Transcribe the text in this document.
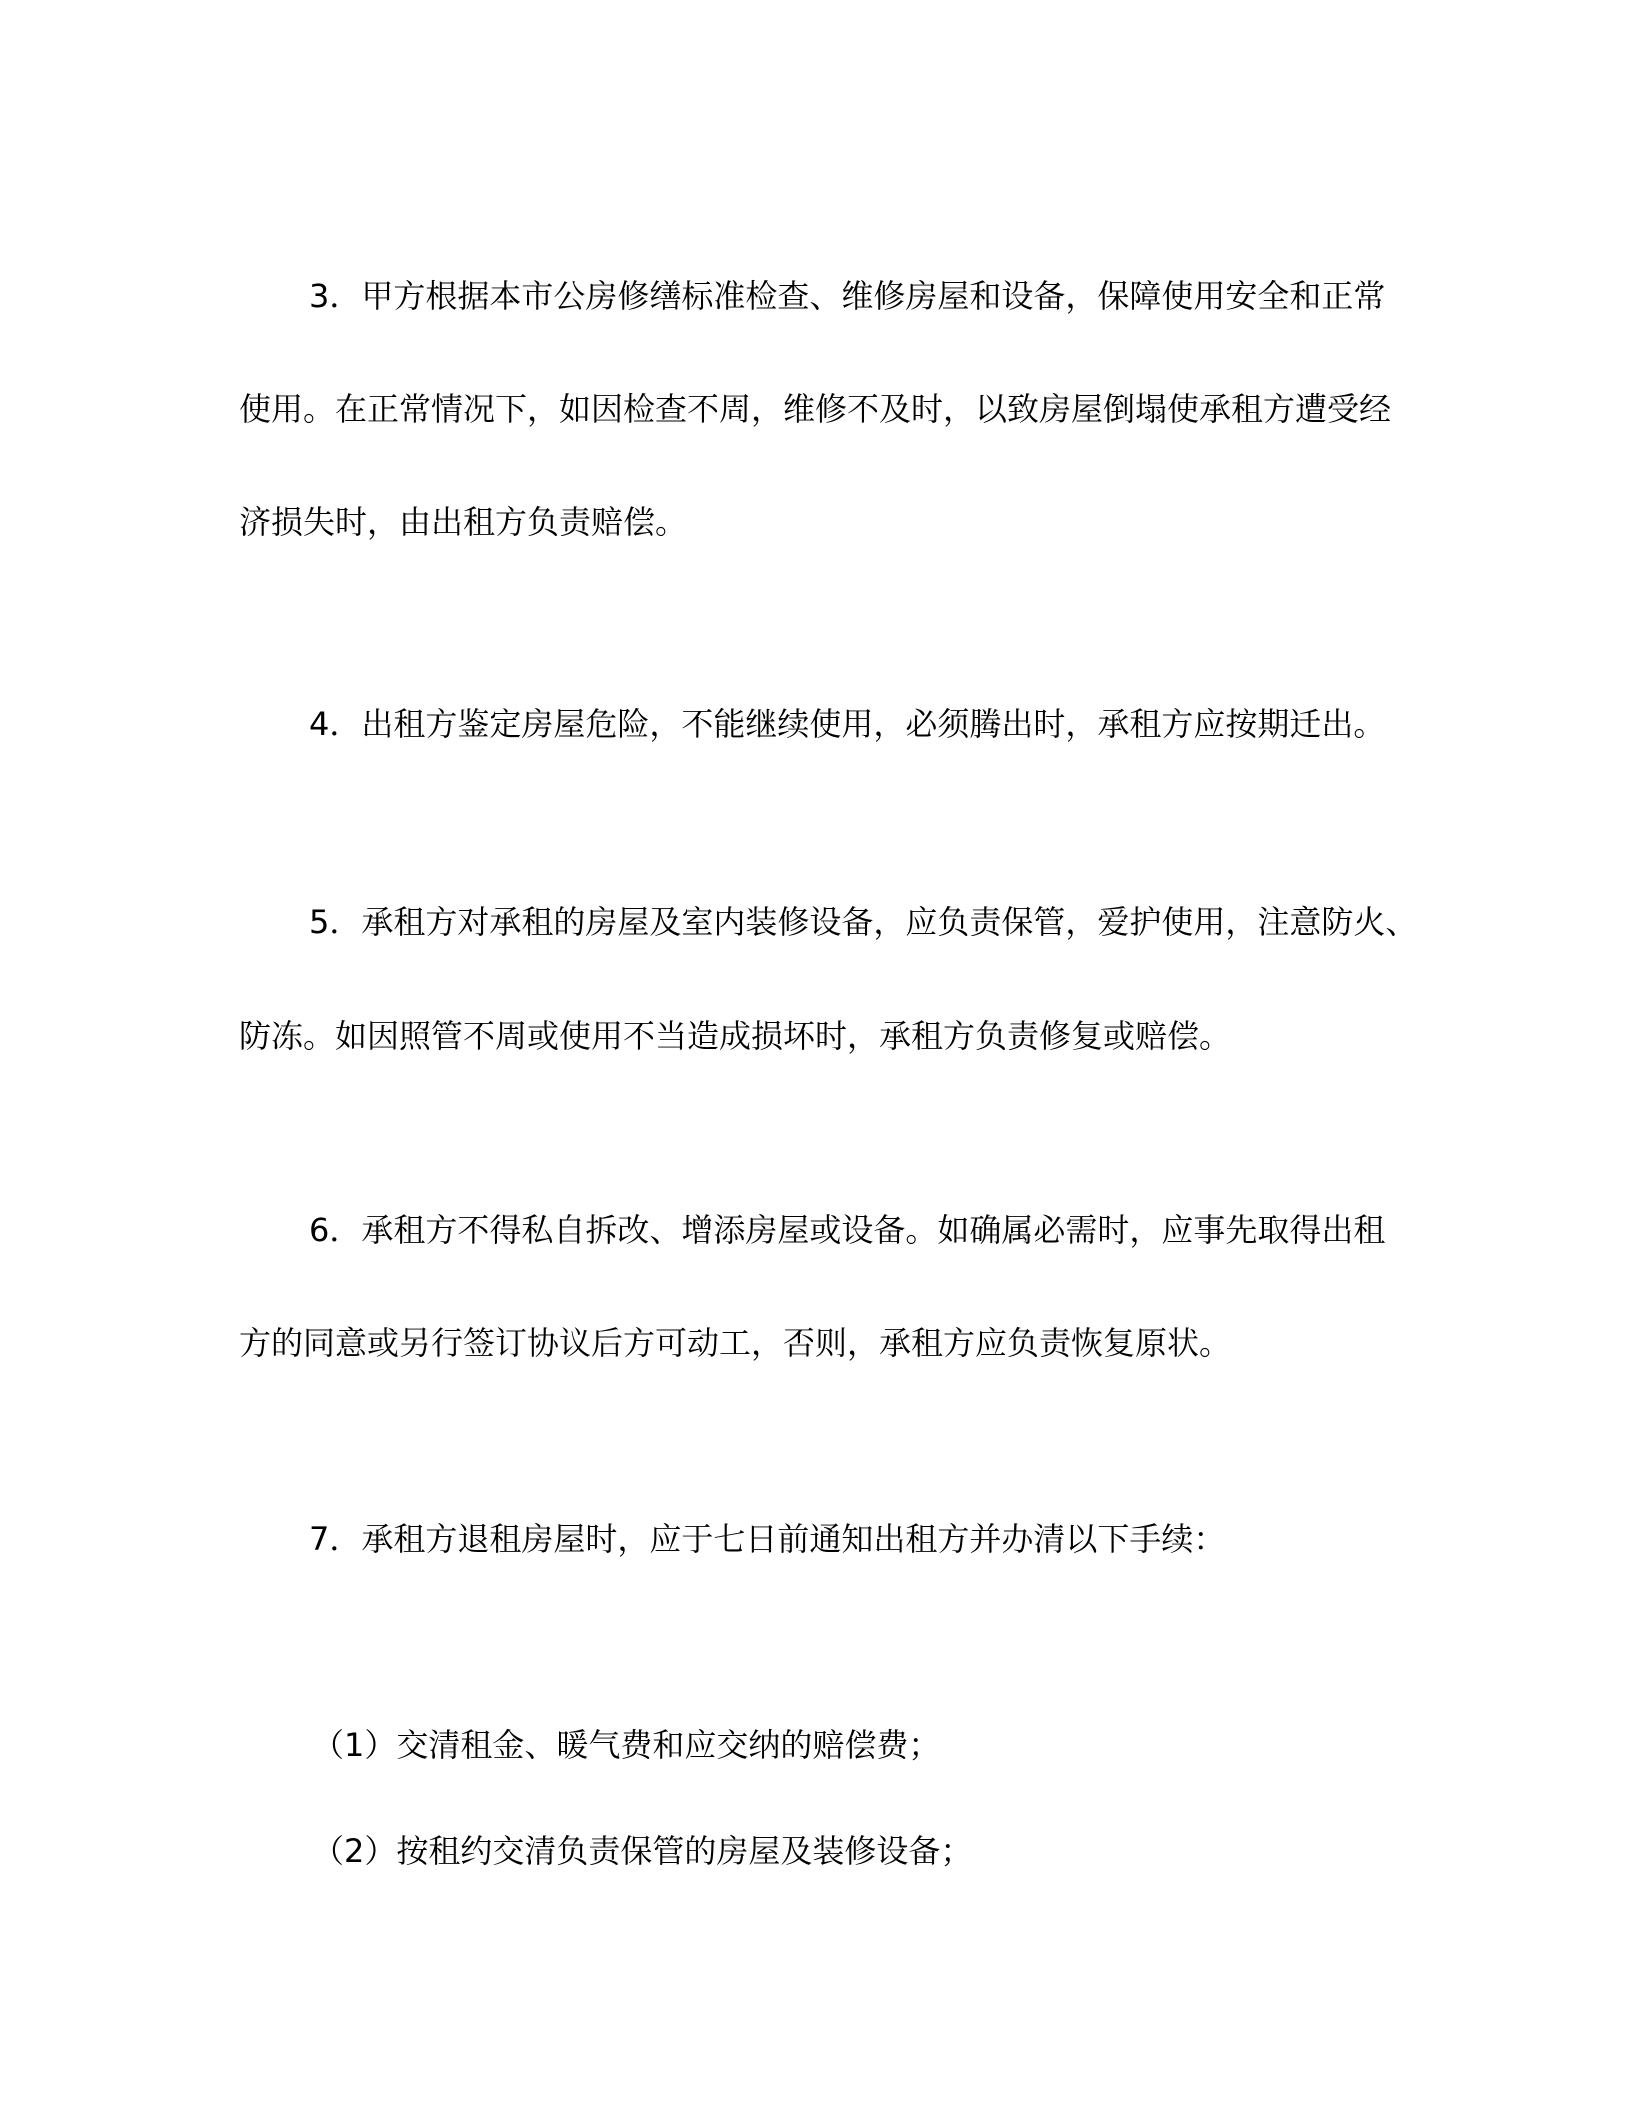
3．甲方根据本市公房修缮标准检查、维修房屋和设备，保障使用安全和正常
使用。在正常情况下，如因检查不周，维修不及时，以致房屋倒塌使承租方遭受经
济损失时，由出租方负责赔偿。
4．出租方鉴定房屋危险，不能继续使用，必须腾出时，承租方应按期迁出。
5．承租方对承租的房屋及室内装修设备，应负责保管，爱护使用，注意防火、
防冻。如因照管不周或使用不当造成损坏时，承租方负责修复或赔偿。
6．承租方不得私自拆改、增添房屋或设备。如确属必需时，应事先取得出租
方的同意或另行签订协议后方可动工，否则，承租方应负责恢复原状。
7．承租方退租房屋时，应于七日前通知出租方并办清以下手续：
（1）交清租金、暖气费和应交纳的赔偿费；
（2）按租约交清负责保管的房屋及装修设备；
